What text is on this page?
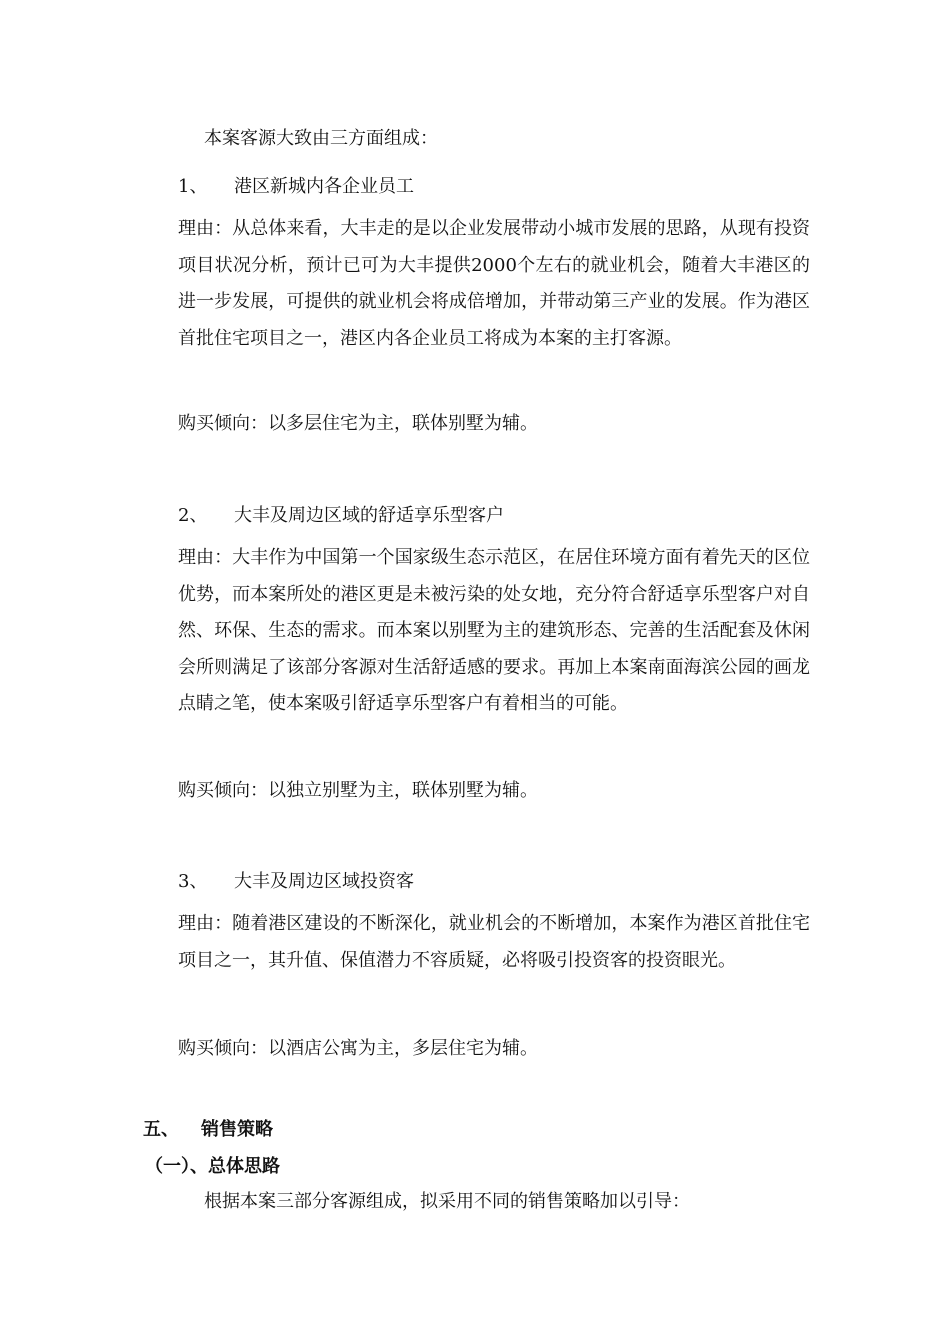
本案客源大致由三方面组成：
1、 港区新城内各企业员工
理由：从总体来看，大丰走的是以企业发展带动小城市发展的思路，从现有投资项目状况分析，预计已可为大丰提供2000个左右的就业机会，随着大丰港区的进一步发展，可提供的就业机会将成倍增加，并带动第三产业的发展。作为港区首批住宅项目之一，港区内各企业员工将成为本案的主打客源。
购买倾向：以多层住宅为主，联体别墅为辅。
2、 大丰及周边区域的舒适享乐型客户
理由：大丰作为中国第一个国家级生态示范区，在居住环境方面有着先天的区位优势，而本案所处的港区更是未被污染的处女地，充分符合舒适享乐型客户对自然、环保、生态的需求。而本案以别墅为主的建筑形态、完善的生活配套及休闲会所则满足了该部分客源对生活舒适感的要求。再加上本案南面海滨公园的画龙点睛之笔，使本案吸引舒适享乐型客户有着相当的可能。
购买倾向：以独立别墅为主，联体别墅为辅。
3、 大丰及周边区域投资客
理由：随着港区建设的不断深化，就业机会的不断增加，本案作为港区首批住宅项目之一，其升值、保值潜力不容质疑，必将吸引投资客的投资眼光。
购买倾向：以酒店公寓为主，多层住宅为辅。
五、 销售策略
（一）、总体思路
根据本案三部分客源组成，拟采用不同的销售策略加以引导：
